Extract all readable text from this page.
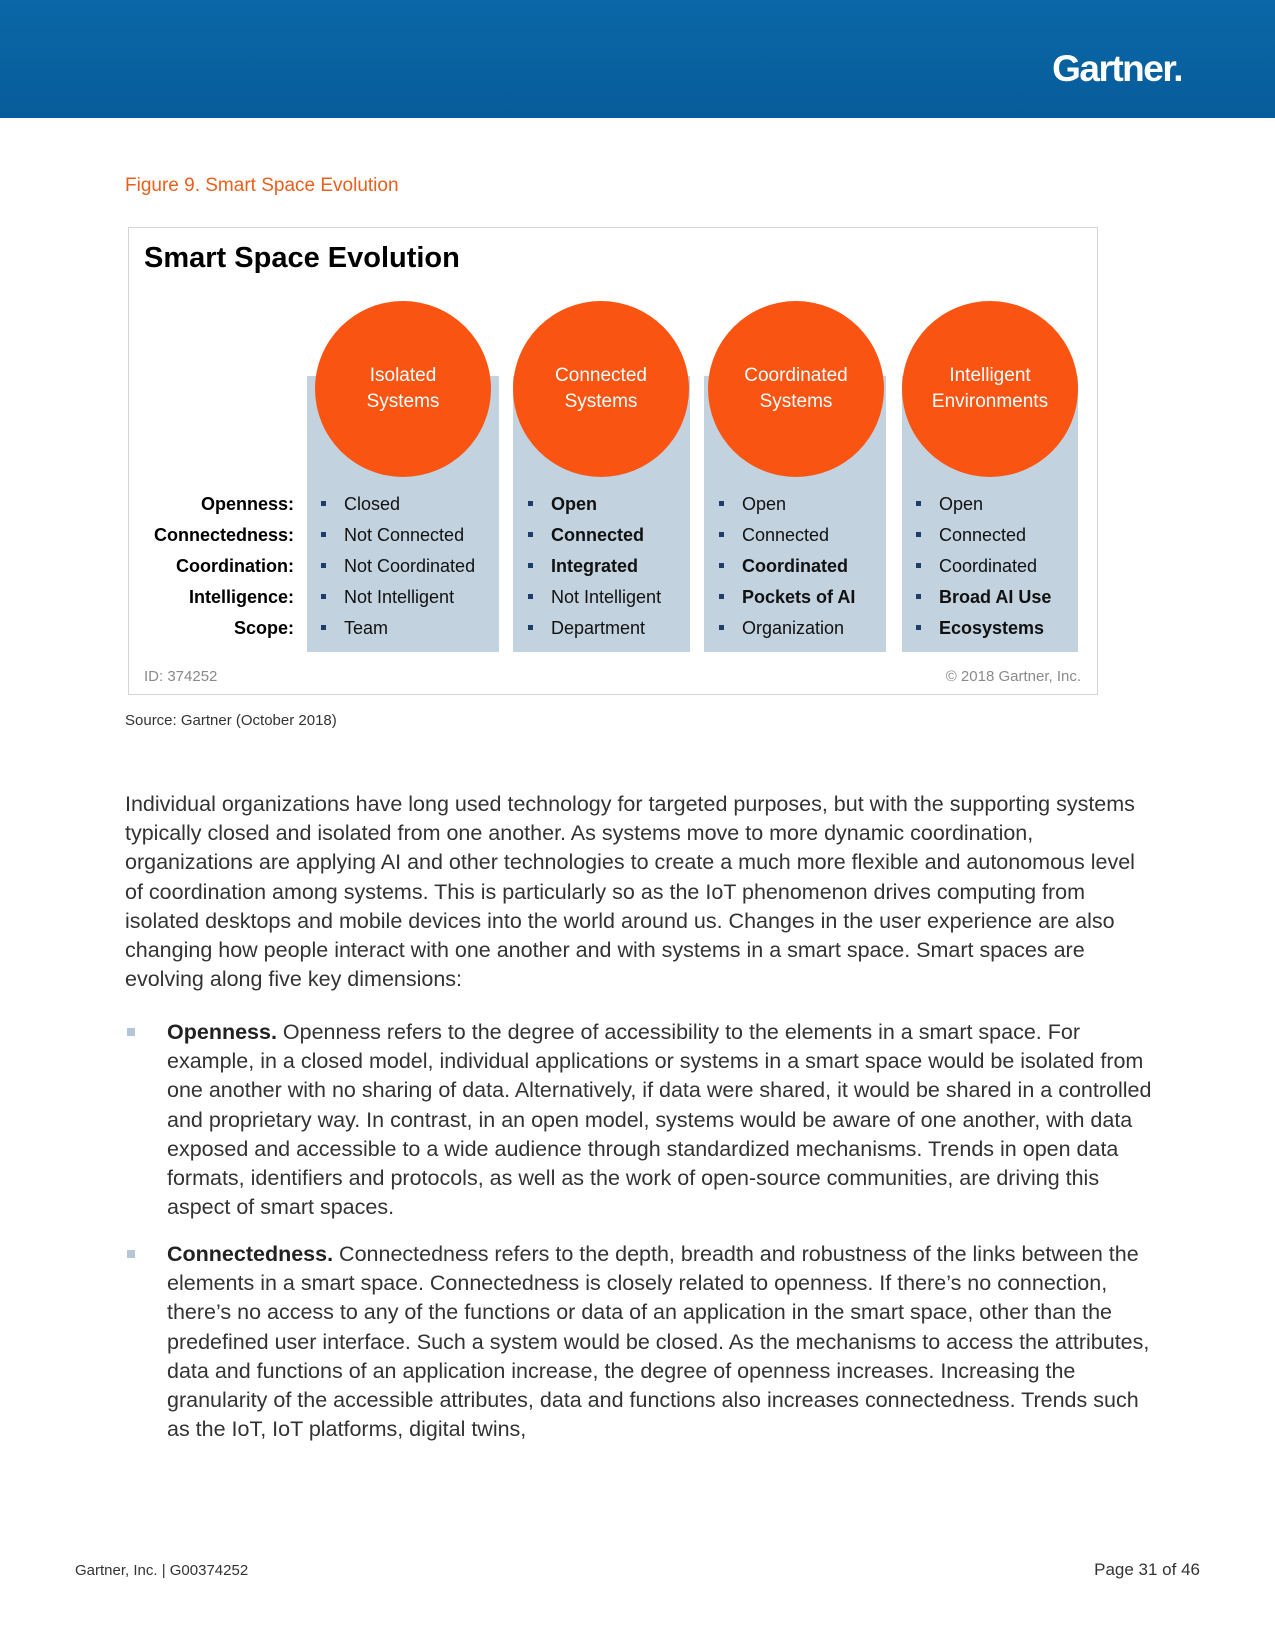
Gartner.
Figure 9. Smart Space Evolution
Smart Space Evolution
Openness:
Connectedness:
Coordination:
Intelligence:
Scope:
Isolated Systems
Closed
Not Connected
Not Coordinated
Not Intelligent
Team
Connected Systems
Open
Connected
Integrated
Not Intelligent
Department
Coordinated Systems
Open
Connected
Coordinated
Pockets of AI
Organization
Intelligent Environments
Open
Connected
Coordinated
Broad AI Use
Ecosystems
ID: 374252	© 2018 Gartner, Inc.
Source: Gartner (October 2018)

Individual organizations have long used technology for targeted purposes, but with the supporting systems typically closed and isolated from one another. As systems move to more dynamic coordination, organizations are applying AI and other technologies to create a much more flexible and autonomous level of coordination among systems. This is particularly so as the IoT phenomenon drives computing from isolated desktops and mobile devices into the world around us. Changes in the user experience are also changing how people interact with one another and with systems in a smart space. Smart spaces are evolving along five key dimensions:

Openness. Openness refers to the degree of accessibility to the elements in a smart space. For example, in a closed model, individual applications or systems in a smart space would be isolated from one another with no sharing of data. Alternatively, if data were shared, it would be shared in a controlled and proprietary way. In contrast, in an open model, systems would be aware of one another, with data exposed and accessible to a wide audience through standardized mechanisms. Trends in open data formats, identifiers and protocols, as well as the work of open-source communities, are driving this aspect of smart spaces.

Connectedness. Connectedness refers to the depth, breadth and robustness of the links between the elements in a smart space. Connectedness is closely related to openness. If there’s no connection, there’s no access to any of the functions or data of an application in the smart space, other than the predefined user interface. Such a system would be closed. As the mechanisms to access the attributes, data and functions of an application increase, the degree of openness increases. Increasing the granularity of the accessible attributes, data and functions also increases connectedness. Trends such as the IoT, IoT platforms, digital twins,

Gartner, Inc. | G00374252	Page 31 of 46
